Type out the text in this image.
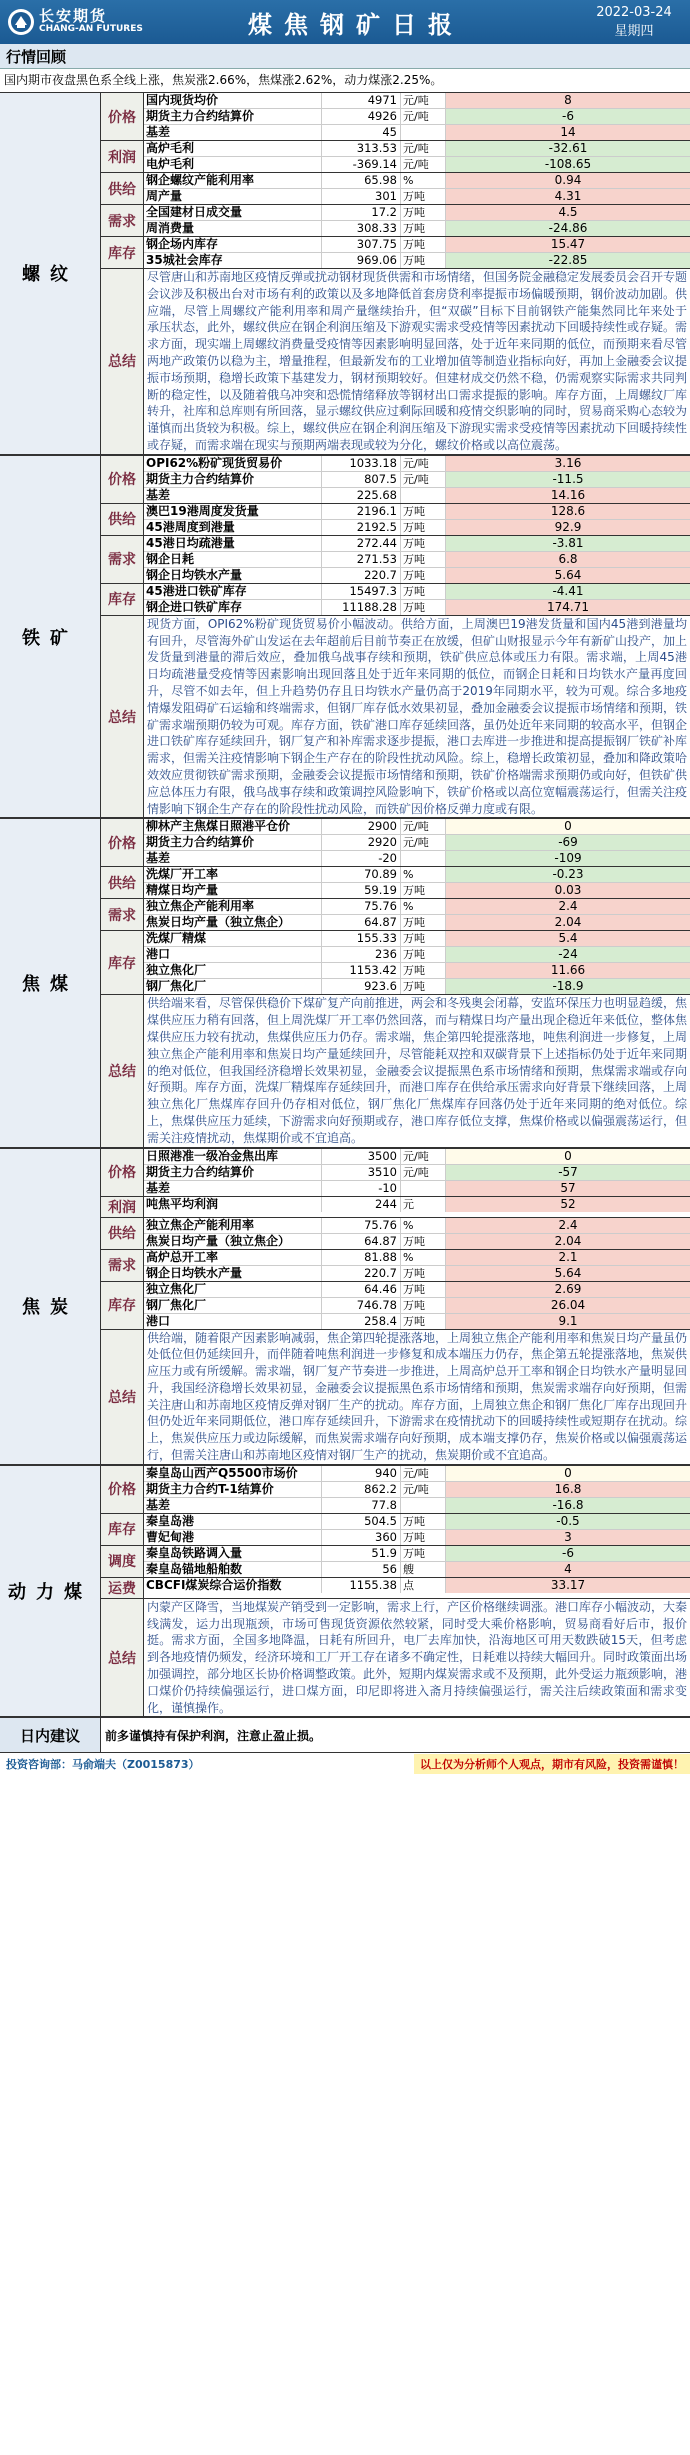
长安期货
CHANG-AN FUTURES	煤焦钢矿日报	2022-03-24
星期四
行情回顾
国内期市夜盘黑色系全线上涨，焦炭涨2.66%，焦煤涨2.62%，动力煤涨2.25%。
螺纹
价格
国内现货均价	4971 元/吨	8
期货主力合约结算价	4926 元/吨	-6
基差	45	14
利润
高炉毛利	313.53 元/吨	-32.61
电炉毛利	-369.14 元/吨	-108.65
供给
钢企螺纹产能利用率	65.98 %	0.94
周产量	301 万吨	4.31
需求
全国建材日成交量	17.2 万吨	4.5
周消费量	308.33 万吨	-24.86
库存
钢企场内库存	307.75 万吨	15.47
35城社会库存	969.06 万吨	-22.85
总结
尽管唐山和苏南地区疫情反弹或扰动钢材现货供需和市场情绪，但国务院金融稳定发展委员会召开专题会议涉及积极出台对市场有利的政策以及多地降低首套房贷利率提振市场偏暖预期，钢价波动加剧。供应端，尽管上周螺纹产能利用率和周产量继续抬升，但“双碳”目标下目前钢铁产能集然同比年来处于承压状态，此外，螺纹供应在钢企利润压缩及下游观实需求受疫情等因素扰动下回暖持续性或存疑。需求方面，现实端上周螺纹消费量受疫情等因素影响明显回落，处于近年来同期的低位，而预期来看尽管两地产政策仍以稳为主，增量推程，但最新发布的工业增加值等制造业指标向好，再加上金融委会议提振市场预期，稳增长政策下基建发力，钢材预期较好。但建材成交仍然不稳，仍需观察实际需求共同判断的稳定性，以及随着俄乌冲突和恐慌情绪释放等钢材出口需求提振的影响。库存方面，上周螺纹厂库转升，社库和总库则有所回落，显示螺纹供应过剩际回暖和疫情交织影响的同时，贸易商采购心态较为谨慎而出货较为积极。综上，螺纹供应在钢企利润压缩及下游现实需求受疫情等因素扰动下回暖持续性或存疑，而需求端在现实与预期两端表现或较为分化，螺纹价格或以高位震荡。
铁矿
价格
OPI62%粉矿现货贸易价	1033.18 元/吨	3.16
期货主力合约结算价	807.5 元/吨	-11.5
基差	225.68	14.16
供给
澳巴19港周度发货量	2196.1 万吨	128.6
45港周度到港量	2192.5 万吨	92.9
需求
45港日均疏港量	272.44 万吨	-3.81
钢企日耗	271.53 万吨	6.8
钢企日均铁水产量	220.7 万吨	5.64
库存
45港进口铁矿库存	15497.3 万吨	-4.41
钢企进口铁矿库存	11188.28 万吨	174.71
总结
现货方面，OPI62%粉矿现货贸易价小幅波动。供给方面，上周澳巴19港发货量和国内45港到港量均有回升，尽管海外矿山发运在去年超前后目前节奏正在放缓，但矿山财报显示今年有新矿山投产，加上发货量到港量的滞后效应，叠加俄乌战事存续和预期，铁矿供应总体或压力有限。需求端，上周45港日均疏港量受疫情等因素影响出现回落且处于近年来同期的低位，而钢企日耗和日均铁水产量再度回升，尽管不如去年，但上升趋势仍存且日均铁水产量仍高于2019年同期水平，较为可观。综合多地疫情爆发阻碍矿石运输和终端需求，但钢厂库存低水效果初显，叠加金融委会议提振市场情绪和预期，铁矿需求端预期仍较为可观。库存方面，铁矿港口库存延续回落，虽仍处近年来同期的较高水平，但钢企进口铁矿库存延续回升，钢厂复产和补库需求逐步提振，港口去库进一步推进和提高提振钢厂铁矿补库需求，但需关注疫情影响下钢企生产存在的阶段性扰动风险。综上，稳增长政策初显，叠加和降政策哈效效应贯彻铁矿需求预期，金融委会议提振市场情绪和预期，铁矿价格端需求预期仍或向好，但铁矿供应总体压力有限，俄乌战事存续和政策调控风险影响下，铁矿价格或以高位宽幅震荡运行，但需关注疫情影响下钢企生产存在的阶段性扰动风险，而铁矿因价格反弹力度或有限。
焦煤
价格
柳林产主焦煤日照港平仓价	2900 元/吨	0
期货主力合约结算价	2920 元/吨	-69
基差	-20	-109
供给
洗煤厂开工率	70.89 %	-0.23
精煤日均产量	59.19 万吨	0.03
需求
独立焦企产能利用率	75.76 %	2.4
焦炭日均产量（独立焦企）	64.87 万吨	2.04
库存
洗煤厂精煤	155.33 万吨	5.4
港口	236 万吨	-24
独立焦化厂	1153.42 万吨	11.66
钢厂焦化厂	923.6 万吨	-18.9
总结
供给端来看，尽管保供稳价下煤矿复产向前推进，两会和冬残奥会闭幕，安监环保压力也明显趋缓，焦煤供应压力稍有回落，但上周洗煤厂开工率仍然回落，而与精煤日均产量出现企稳近年来低位，整体焦煤供应压力较有扰动，焦煤供应压力仍存。需求端，焦企第四轮提涨落地，吨焦利润进一步修复，上周独立焦企产能利用率和焦炭日均产量延续回升，尽管能耗双控和双碳背景下上述指标仍处于近年来同期的绝对低位，但我国经济稳增长效果初显，金融委会议提振黑色系市场情绪和预期，焦煤需求端或存向好预期。库存方面，洗煤厂精煤库存延续回升，而港口库存在供给承压需求向好背景下继续回落，上周独立焦化厂焦煤库存回升仍存相对低位，钢厂焦化厂焦煤库存回落仍处于近年来同期的绝对低位。综上，焦煤供应压力延续，下游需求向好预期或存，港口库存低位支撑，焦煤价格或以偏强震荡运行，但需关注疫情扰动，焦煤期价或不宜追高。
焦炭
价格
日照港准一级冶金焦出库	3500 元/吨	0
期货主力合约结算价	3510 元/吨	-57
基差	-10	57
利润 吨焦平均利润	244 元	52
供给
独立焦企产能利用率	75.76 %	2.4
焦炭日均产量（独立焦企）	64.87 万吨	2.04
需求
高炉总开工率	81.88 %	2.1
钢企日均铁水产量	220.7 万吨	5.64
库存
独立焦化厂	64.46 万吨	2.69
钢厂焦化厂	746.78 万吨	26.04
港口	258.4 万吨	9.1
总结
供给端，随着限产因素影响减弱，焦企第四轮提涨落地，上周独立焦企产能利用率和焦炭日均产量虽仍处低位但仍延续回升，而伴随着吨焦利润进一步修复和成本端压力仍存，焦企第五轮提涨落地，焦炭供应压力或有所缓解。需求端，钢厂复产节奏进一步推进，上周高炉总开工率和钢企日均铁水产量明显回升，我国经济稳增长效果初显，金融委会议提振黑色系市场情绪和预期，焦炭需求端存向好预期，但需关注唐山和苏南地区疫情反弹对钢厂生产的扰动。库存方面，上周独立焦企和钢厂焦化厂库存出现回升但仍处近年来同期低位，港口库存延续回升，下游需求在疫情扰动下的回暖持续性或短期存在扰动。综上，焦炭供应压力或边际缓解，而焦炭需求端存向好预期，成本端支撑仍存，焦炭价格或以偏强震荡运行，但需关注唐山和苏南地区疫情对钢厂生产的扰动，焦炭期价或不宜追高。
动力煤
价格
秦皇岛山西产Q5500市场价	940 元/吨	0
期货主力合约T-1结算价	862.2 元/吨	16.8
基差	77.8	-16.8
库存
秦皇岛港	504.5 万吨	-0.5
曹妃甸港	360 万吨	3
调度
秦皇岛铁路调入量	51.9 万吨	-6
秦皇岛锚地船舶数	56 艘	4
运费 CBCFI煤炭综合运价指数	1155.38 点	33.17
总结
内蒙产区降雪，当地煤炭产销受到一定影响，需求上行，产区价格继续调涨。港口库存小幅波动，大秦线满发，运力出现瓶颈，市场可售现货资源依然较紧，同时受大乘价格影响，贸易商看好后市，报价挺。需求方面，全国多地降温，日耗有所回升，电厂去库加快，沿海地区可用天数跌破15天，但考虑到各地疫情仍频发，经济环境和工厂开工存在诸多不确定性，日耗难以持续大幅回升。同时政策面出场加强调控，部分地区长协价格调整政策。此外，短期内煤炭需求或不及预期，此外受运力瓶颈影响，港口煤价仍持续偏强运行，进口煤方面，印尼即将进入斋月持续偏强运行，需关注后续政策面和需求变化，谨慎操作。
日内建议	前多谨慎持有保护利润，注意止盈止损。
投资咨询部：马俞端夫（Z0015873）	以上仅为分析师个人观点，期市有风险，投资需谨慎！
